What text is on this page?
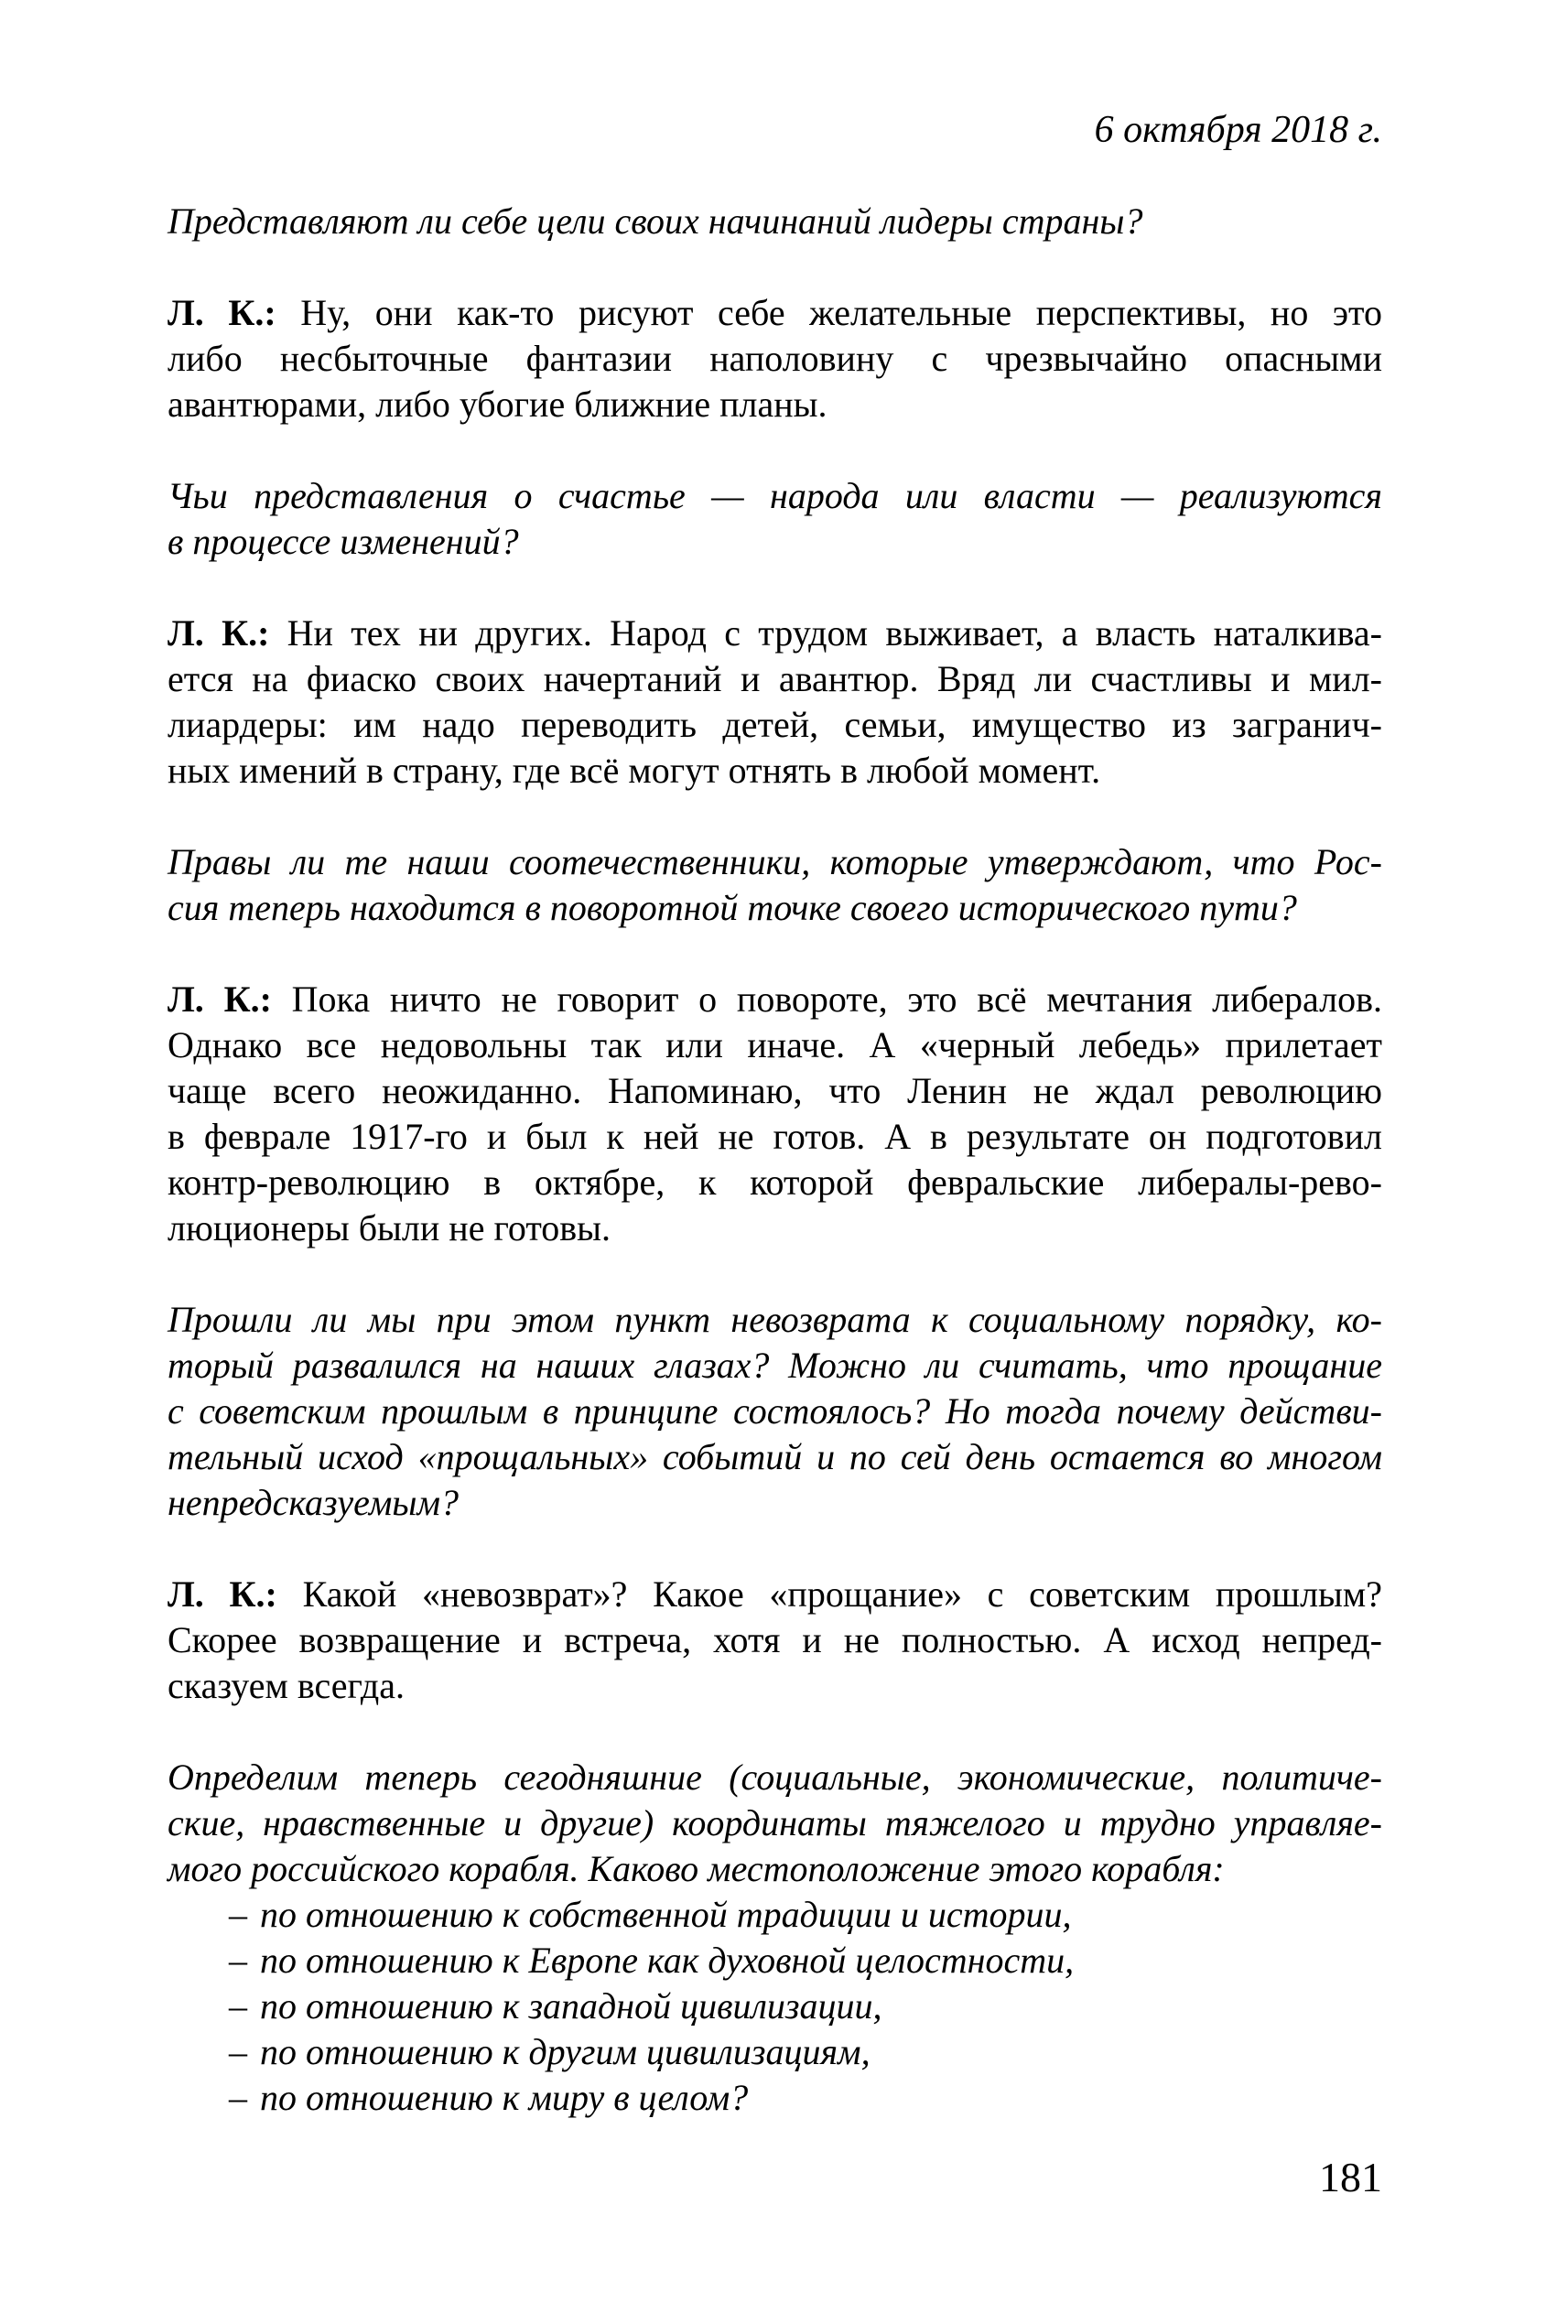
6 октября 2018 г.
Представляют ли себе цели своих начинаний лидеры страны?
Л. К.: Ну, они как-то рисуют себе желательные перспективы, но это
либо несбыточные фантазии наполовину с чрезвычайно опасными
авантюрами, либо убогие ближние планы.
Чьи представления о счастье — народа или власти — реализуются
в процессе изменений?
Л. К.: Ни тех ни других. Народ с трудом выживает, а власть наталкива-
ется на фиаско своих начертаний и авантюр. Вряд ли счастливы и мил-
лиардеры: им надо переводить детей, семьи, имущество из загранич-
ных имений в страну, где всё могут отнять в любой момент.
Правы ли те наши соотечественники, которые утверждают, что Рос-
сия теперь находится в поворотной точке своего исторического пути?
Л. К.: Пока ничто не говорит о повороте, это всё мечтания либералов.
Однако все недовольны так или иначе. А «черный лебедь» прилетает
чаще всего неожиданно. Напоминаю, что Ленин не ждал революцию
в феврале 1917-го и был к ней не готов. А в результате он подготовил
контр-революцию в октябре, к которой февральские либералы-рево-
люционеры были не готовы.
Прошли ли мы при этом пункт невозврата к социальному порядку, ко-
торый развалился на наших глазах? Можно ли считать, что прощание
с советским прошлым в принципе состоялось? Но тогда почему действи-
тельный исход «прощальных» событий и по сей день остается во многом
непредсказуемым?
Л. К.: Какой «невозврат»? Какое «прощание» с советским прошлым?
Скорее возвращение и встреча, хотя и не полностью. А исход непред-
сказуем всегда.
Определим теперь сегодняшние (социальные, экономические, политиче-
ские, нравственные и другие) координаты тяжелого и трудно управляе-
мого российского корабля. Каково местоположение этого корабля:
– по отношению к собственной традиции и истории,
– по отношению к Европе как духовной целостности,
– по отношению к западной цивилизации,
– по отношению к другим цивилизациям,
– по отношению к миру в целом?
181
